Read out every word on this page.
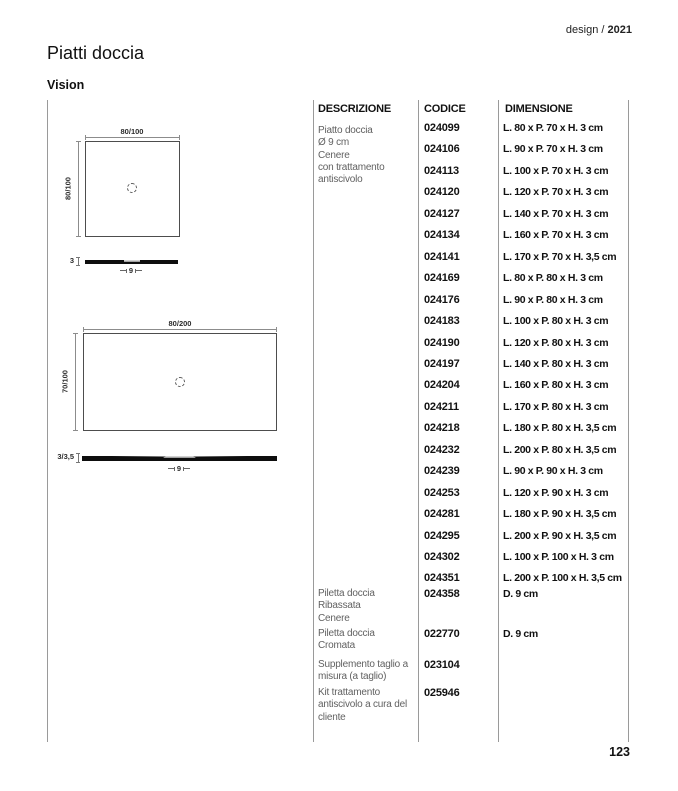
design / 2021
Piatti doccia
Vision
123
DESCRIZIONE	CODICE	DIMENSIONE
Piatto doccia
Ø 9 cm
Cenere
con trattamento
antiscivolo
024099	L. 80 x P. 70 x H. 3 cm
024106	L. 90 x P. 70 x H. 3 cm
024113	L. 100 x P. 70 x H. 3 cm
024120	L. 120 x P. 70 x H. 3 cm
024127	L. 140 x P. 70 x H. 3 cm
024134	L. 160 x P. 70 x H. 3 cm
024141	L. 170 x P. 70 x H. 3,5 cm
024169	L. 80 x P. 80 x H. 3 cm
024176	L. 90 x P. 80 x H. 3 cm
024183	L. 100 x P. 80 x H. 3 cm
024190	L. 120 x P. 80 x H. 3 cm
024197	L. 140 x P. 80 x H. 3 cm
024204	L. 160 x P. 80 x H. 3 cm
024211	L. 170 x P. 80 x H. 3 cm
024218	L. 180 x P. 80 x H. 3,5 cm
024232	L. 200 x P. 80 x H. 3,5 cm
024239	L. 90 x P. 90 x H. 3 cm
024253	L. 120 x P. 90 x H. 3 cm
024281	L. 180 x P. 90 x H. 3,5 cm
024295	L. 200 x P. 90 x H. 3,5 cm
024302	L. 100 x P. 100 x H. 3 cm
024351	L. 200 x P. 100 x H. 3,5 cm
Piletta doccia
Ribassata
Cenere
024358	D. 9 cm
Piletta doccia
Cromata
022770	D. 9 cm
Supplemento taglio a
misura (a taglio)
023104
Kit trattamento
antiscivolo a cura del
cliente
025946
80/100
80/100
3
9
80/200
70/100
3/3,5
9
